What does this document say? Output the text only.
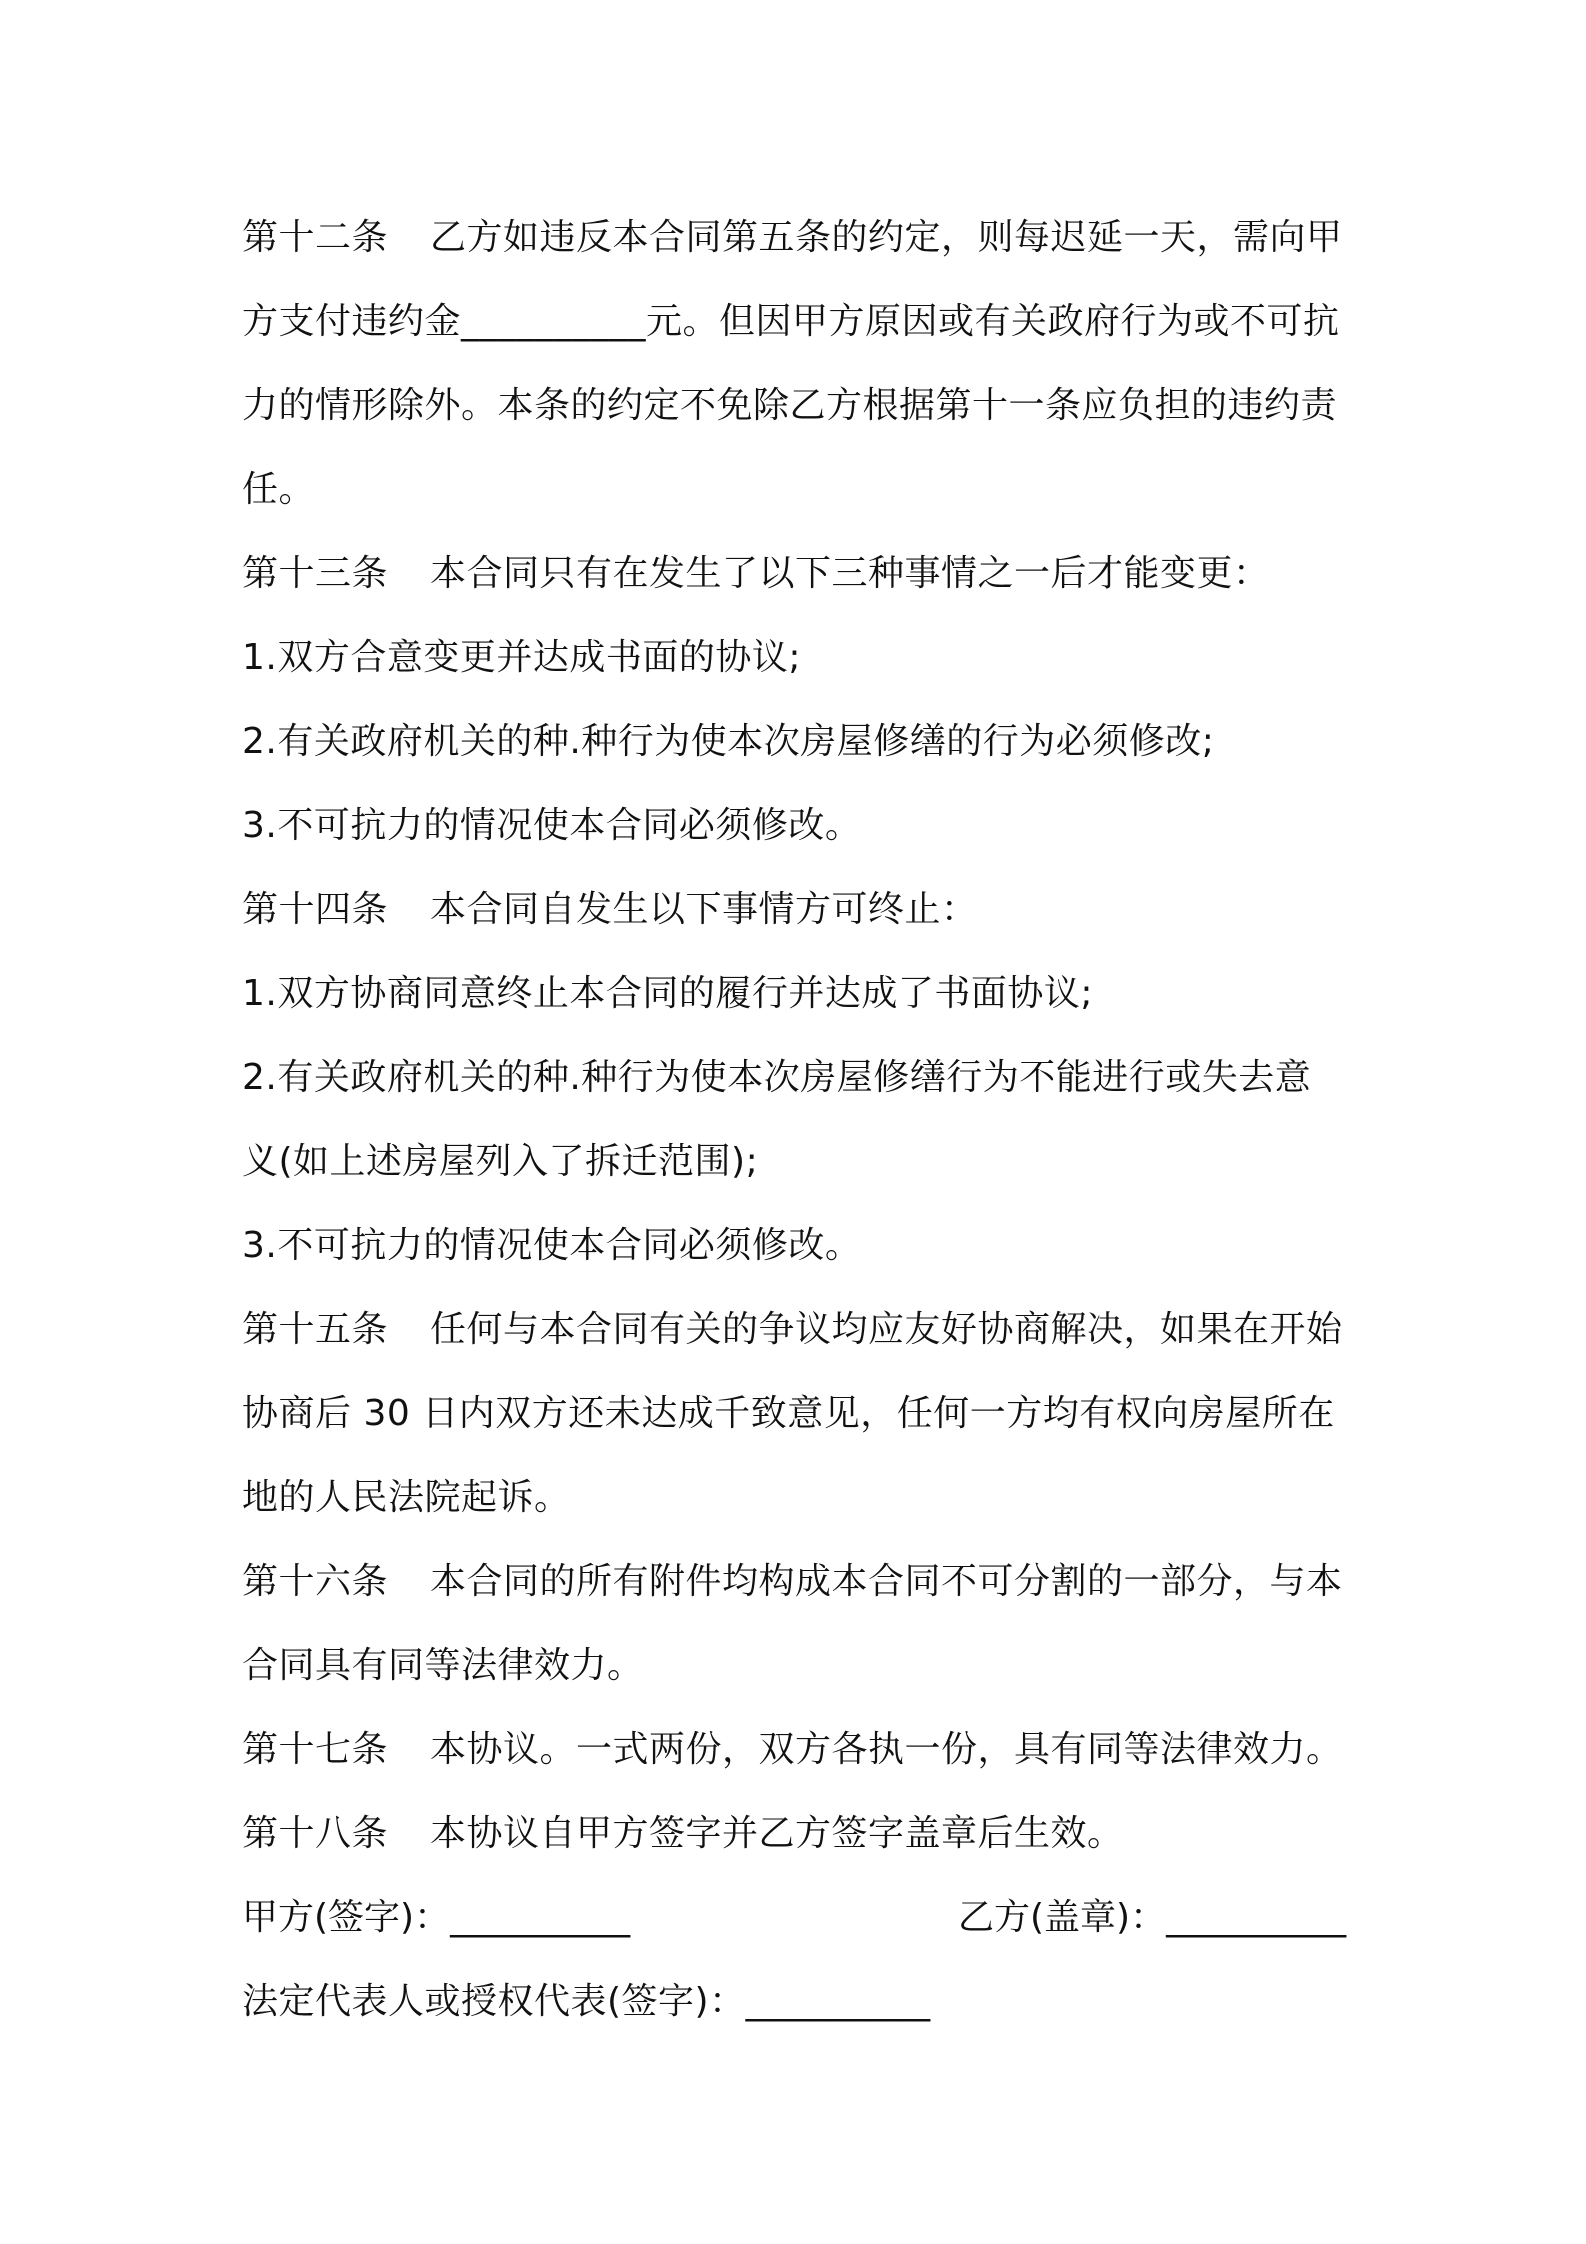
第十二条 乙方如违反本合同第五条的约定，则每迟延一天，需向甲
方支付违约金__________元。但因甲方原因或有关政府行为或不可抗
力的情形除外。本条的约定不免除乙方根据第十一条应负担的违约责
任。
第十三条 本合同只有在发生了以下三种事情之一后才能变更：
1.双方合意变更并达成书面的协议;
2.有关政府机关的种.种行为使本次房屋修缮的行为必须修改;
3.不可抗力的情况使本合同必须修改。
第十四条 本合同自发生以下事情方可终止：
1.双方协商同意终止本合同的履行并达成了书面协议;
2.有关政府机关的种.种行为使本次房屋修缮行为不能进行或失去意
义(如上述房屋列入了拆迁范围);
3.不可抗力的情况使本合同必须修改。
第十五条 任何与本合同有关的争议均应友好协商解决，如果在开始
协商后 30 日内双方还未达成千致意见，任何一方均有权向房屋所在
地的人民法院起诉。
第十六条 本合同的所有附件均构成本合同不可分割的一部分，与本
合同具有同等法律效力。
第十七条 本协议。一式两份，双方各执一份，具有同等法律效力。
第十八条 本协议自甲方签字并乙方签字盖章后生效。
甲方(签字)：__________	乙方(盖章)：__________
法定代表人或授权代表(签字)：__________
